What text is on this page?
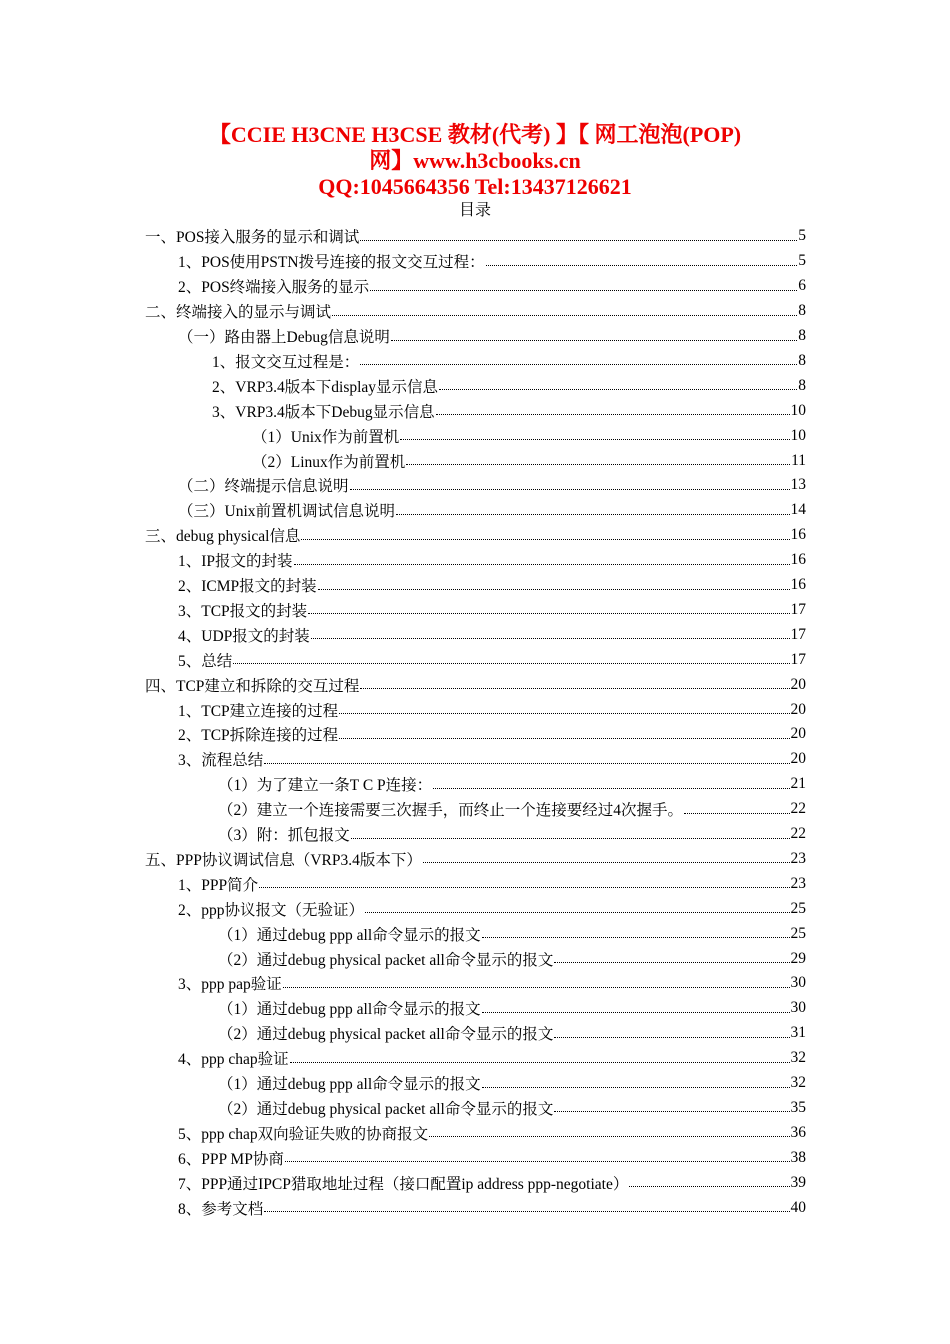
【CCIE H3CNE H3CSE 教材(代考) 】【 网工泡泡(POP)
网】www.h3cbooks.cn
QQ:1045664356 Tel:13437126621
目录
一、POS接入服务的显示和调试	5
1、POS使用PSTN拨号连接的报文交互过程：	5
2、POS终端接入服务的显示	6
二、终端接入的显示与调试	8
（一）路由器上Debug信息说明	8
1、报文交互过程是：	8
2、VRP3.4版本下display显示信息	8
3、VRP3.4版本下Debug显示信息	10
（1）Unix作为前置机	10
（2）Linux作为前置机	11
（二）终端提示信息说明	13
（三）Unix前置机调试信息说明	14
三、debug physical信息	16
1、IP报文的封装	16
2、ICMP报文的封装	16
3、TCP报文的封装	17
4、UDP报文的封装	17
5、总结	17
四、TCP建立和拆除的交互过程	20
1、TCP建立连接的过程	20
2、TCP拆除连接的过程	20
3、流程总结	20
（1）为了建立一条T C P连接：	21
（2）建立一个连接需要三次握手，而终止一个连接要经过4次握手。	22
（3）附：抓包报文	22
五、PPP协议调试信息（VRP3.4版本下）	23
1、PPP简介	23
2、ppp协议报文（无验证）	25
（1）通过debug ppp all命令显示的报文	25
（2）通过debug physical packet all命令显示的报文	29
3、ppp pap验证	30
（1）通过debug ppp all命令显示的报文	30
（2）通过debug physical packet all命令显示的报文	31
4、ppp chap验证	32
（1）通过debug ppp all命令显示的报文	32
（2）通过debug physical packet all命令显示的报文	35
5、ppp chap双向验证失败的协商报文	36
6、PPP MP协商	38
7、PPP通过IPCP猎取地址过程（接口配置ip address ppp-negotiate）	39
8、参考文档	40
